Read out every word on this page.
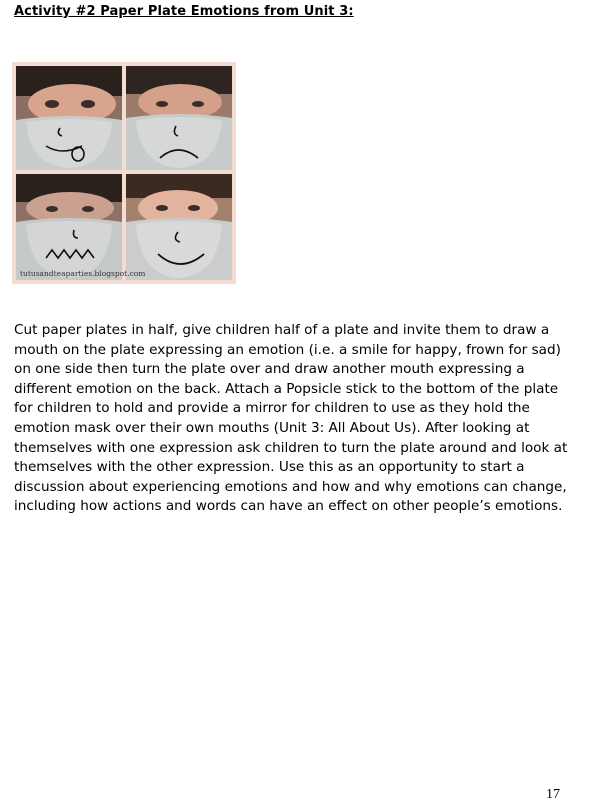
Activity #2 Paper Plate Emotions from Unit 3:
tutusandteaparties.blogspot.com
Cut paper plates in half, give children half of a plate and invite them to draw a mouth on the plate expressing an emotion (i.e. a smile for happy, frown for sad) on one side then turn the plate over and draw another mouth expressing a different emotion on the back. Attach a Popsicle stick to the bottom of the plate for children to hold and provide a mirror for children to use as they hold the emotion mask over their own mouths (Unit 3: All About Us). After looking at themselves with one expression ask children to turn the plate around and look at themselves with the other expression. Use this as an opportunity to start a discussion about experiencing emotions and how and why emotions can change, including how actions and words can have an effect on other people’s emotions.
17
